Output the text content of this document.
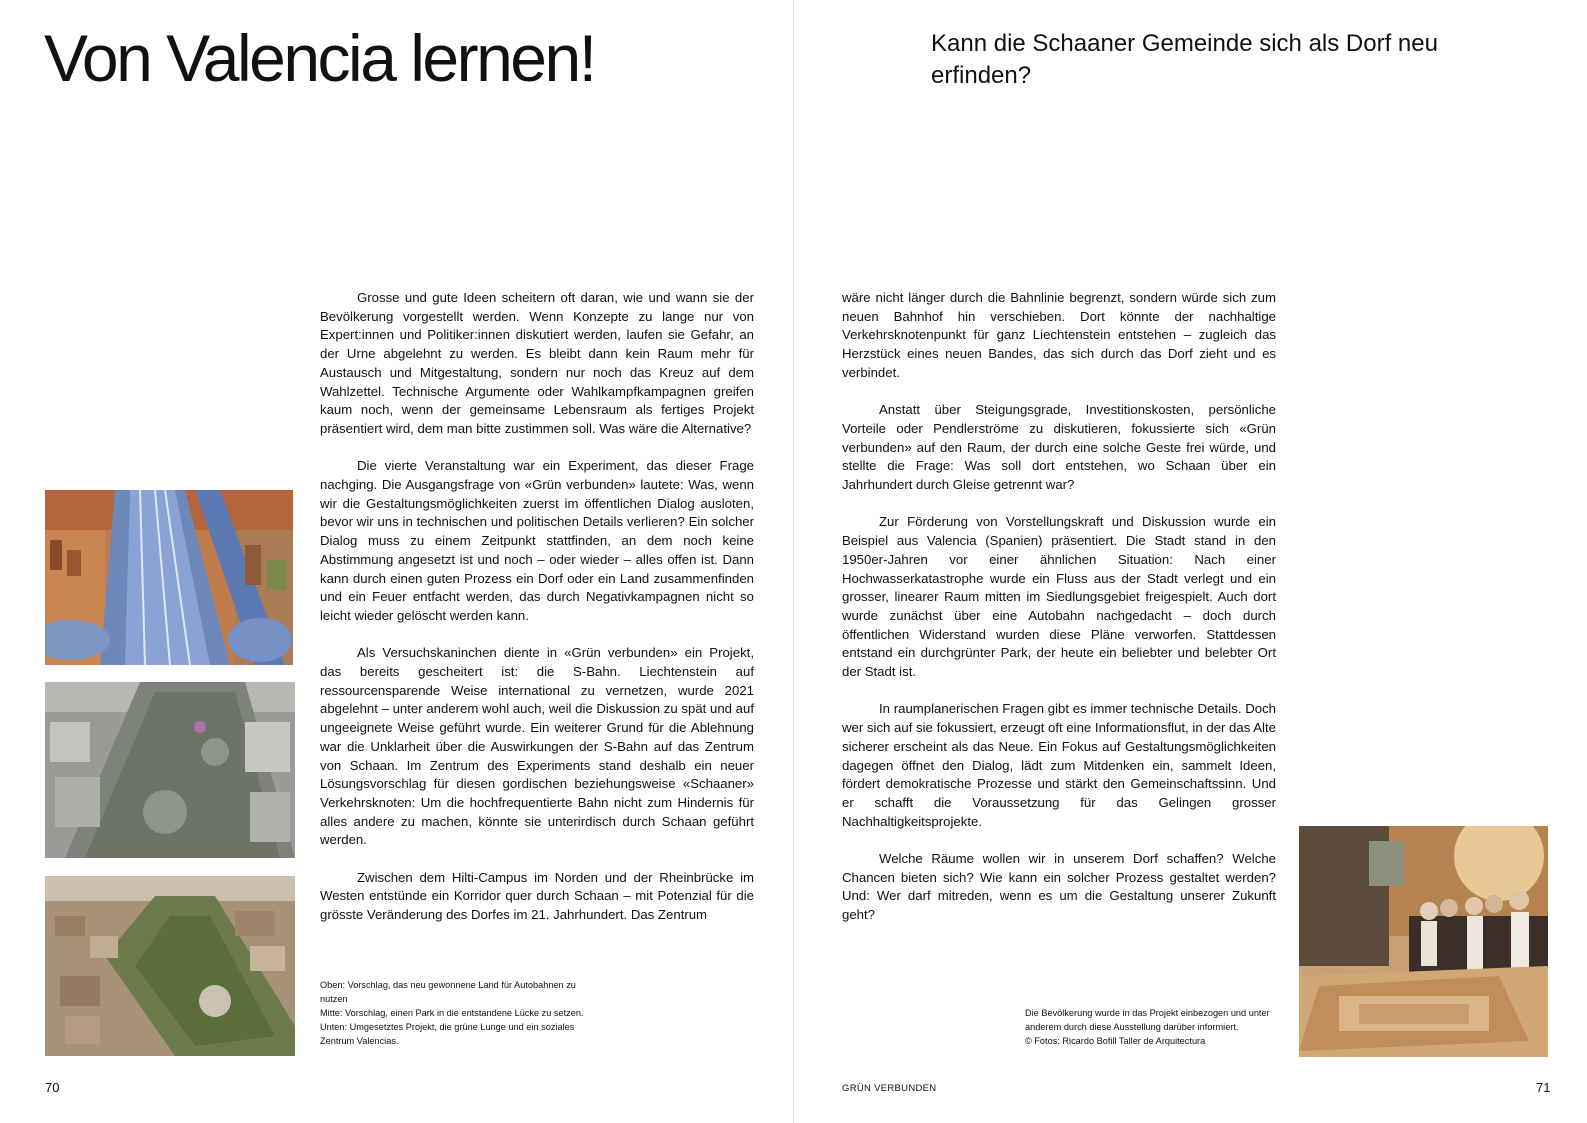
Von Valencia lernen!	Kann die Schaaner Gemeinde sich als Dorf neu erfinden?

Grosse und gute Ideen scheitern oft daran, wie und wann sie der Bevölkerung vorgestellt werden. Wenn Konzepte zu lange nur von Expert:innen und Politiker:innen diskutiert werden, laufen sie Gefahr, an der Urne abgelehnt zu werden. Es bleibt dann kein Raum mehr für Austausch und Mitgestaltung, sondern nur noch das Kreuz auf dem Wahlzettel. Technische Argumente oder Wahlkampfkampagnen greifen kaum noch, wenn der gemeinsame Lebensraum als fertiges Projekt präsentiert wird, dem man bitte zustimmen soll. Was wäre die Alternative?

Die vierte Veranstaltung war ein Experiment, das dieser Frage nachging. Die Ausgangsfrage von «Grün verbunden» lautete: Was, wenn wir die Gestaltungsmöglichkeiten zuerst im öffentlichen Dialog ausloten, bevor wir uns in technischen und politischen Details verlieren? Ein solcher Dialog muss zu einem Zeitpunkt stattfinden, an dem noch keine Abstimmung angesetzt ist und noch – oder wieder – alles offen ist. Dann kann durch einen guten Prozess ein Dorf oder ein Land zusammenfinden und ein Feuer entfacht werden, das durch Negativkampagnen nicht so leicht wieder gelöscht werden kann.

Als Versuchskaninchen diente in «Grün verbunden» ein Projekt, das bereits gescheitert ist: die S-Bahn. Liechtenstein auf ressourcensparende Weise international zu vernetzen, wurde 2021 abgelehnt – unter anderem wohl auch, weil die Diskussion zu spät und auf ungeeignete Weise geführt wurde. Ein weiterer Grund für die Ablehnung war die Unklarheit über die Auswirkungen der S-Bahn auf das Zentrum von Schaan. Im Zentrum des Experiments stand deshalb ein neuer Lösungsvorschlag für diesen gordischen beziehungsweise «Schaaner» Verkehrsknoten: Um die hochfrequentierte Bahn nicht zum Hindernis für alles andere zu machen, könnte sie unterirdisch durch Schaan geführt werden.

Zwischen dem Hilti-Campus im Norden und der Rheinbrücke im Westen entstünde ein Korridor quer durch Schaan – mit Potenzial für die grösste Veränderung des Dorfes im 21. Jahrhundert. Das Zentrum

wäre nicht länger durch die Bahnlinie begrenzt, sondern würde sich zum neuen Bahnhof hin verschieben. Dort könnte der nachhaltige Verkehrsknotenpunkt für ganz Liechtenstein entstehen – zugleich das Herzstück eines neuen Bandes, das sich durch das Dorf zieht und es verbindet.

Anstatt über Steigungsgrade, Investitionskosten, persönliche Vorteile oder Pendlerströme zu diskutieren, fokussierte sich «Grün verbunden» auf den Raum, der durch eine solche Geste frei würde, und stellte die Frage: Was soll dort entstehen, wo Schaan über ein Jahrhundert durch Gleise getrennt war?

Zur Förderung von Vorstellungskraft und Diskussion wurde ein Beispiel aus Valencia (Spanien) präsentiert. Die Stadt stand in den 1950er-Jahren vor einer ähnlichen Situation: Nach einer Hochwasserkatastrophe wurde ein Fluss aus der Stadt verlegt und ein grosser, linearer Raum mitten im Siedlungsgebiet freigespielt. Auch dort wurde zunächst über eine Autobahn nachgedacht – doch durch öffentlichen Widerstand wurden diese Pläne verworfen. Stattdessen entstand ein durchgrünter Park, der heute ein beliebter und belebter Ort der Stadt ist.

In raumplanerischen Fragen gibt es immer technische Details. Doch wer sich auf sie fokussiert, erzeugt oft eine Informationsflut, in der das Alte sicherer erscheint als das Neue. Ein Fokus auf Gestaltungsmöglichkeiten dagegen öffnet den Dialog, lädt zum Mitdenken ein, sammelt Ideen, fördert demokratische Prozesse und stärkt den Gemeinschaftssinn. Und er schafft die Voraussetzung für das Gelingen grosser Nachhaltigkeitsprojekte.

Welche Räume wollen wir in unserem Dorf schaffen? Welche Chancen bieten sich? Wie kann ein solcher Prozess gestaltet werden? Und: Wer darf mitreden, wenn es um die Gestaltung unserer Zukunft geht?

Oben: Vorschlag, das neu gewonnene Land für Autobahnen zu nutzen
Mitte: Vorschlag, einen Park in die entstandene Lücke zu setzen.
Unten: Umgesetztes Projekt, die grüne Lunge und ein soziales Zentrum Valencias.
Die Bevölkerung wurde in das Projekt einbezogen und unter anderem durch diese Ausstellung darüber informiert.
© Fotos: Ricardo Bofill Taller de Arquitectura
70	GRÜN VERBUNDEN	71
